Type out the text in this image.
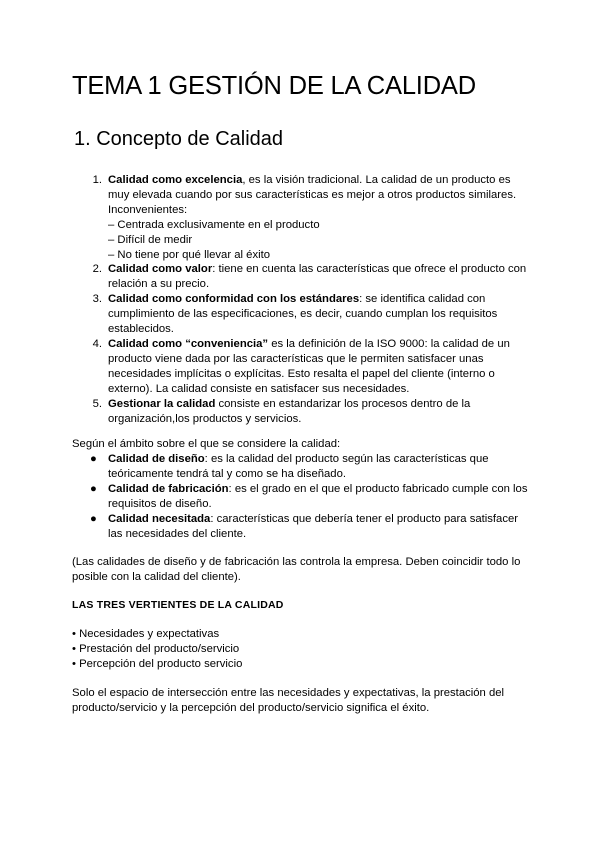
TEMA 1 GESTIÓN DE LA CALIDAD
1. Concepto de Calidad
1. Calidad como excelencia, es la visión tradicional. La calidad de un producto es muy elevada cuando por sus características es mejor a otros productos similares. Inconvenientes:
– Centrada exclusivamente en el producto
– Difícil de medir
– No tiene por qué llevar al éxito
2. Calidad como valor: tiene en cuenta las características que ofrece el producto con relación a su precio.
3. Calidad como conformidad con los estándares: se identifica calidad con cumplimiento de las especificaciones, es decir, cuando cumplan los requisitos establecidos.
4. Calidad como “conveniencia” es la definición de la ISO 9000: la calidad de un producto viene dada por las características que le permiten satisfacer unas necesidades implícitas o explícitas. Esto resalta el papel del cliente (interno o externo). La calidad consiste en satisfacer sus necesidades.
5. Gestionar la calidad consiste en estandarizar los procesos dentro de la organización,los productos y servicios.

Según el ámbito sobre el que se considere la calidad:

● Calidad de diseño: es la calidad del producto según las características que teóricamente tendrá tal y como se ha diseñado.
● Calidad de fabricación: es el grado en el que el producto fabricado cumple con los requisitos de diseño.
● Calidad necesitada: características que debería tener el producto para satisfacer las necesidades del cliente.

(Las calidades de diseño y de fabricación las controla la empresa. Deben coincidir todo lo posible con la calidad del cliente).

LAS TRES VERTIENTES DE LA CALIDAD
• Necesidades y expectativas
• Prestación del producto/servicio
• Percepción del producto servicio

Solo el espacio de intersección entre las necesidades y expectativas, la prestación del producto/servicio y la percepción del producto/servicio significa el éxito.
